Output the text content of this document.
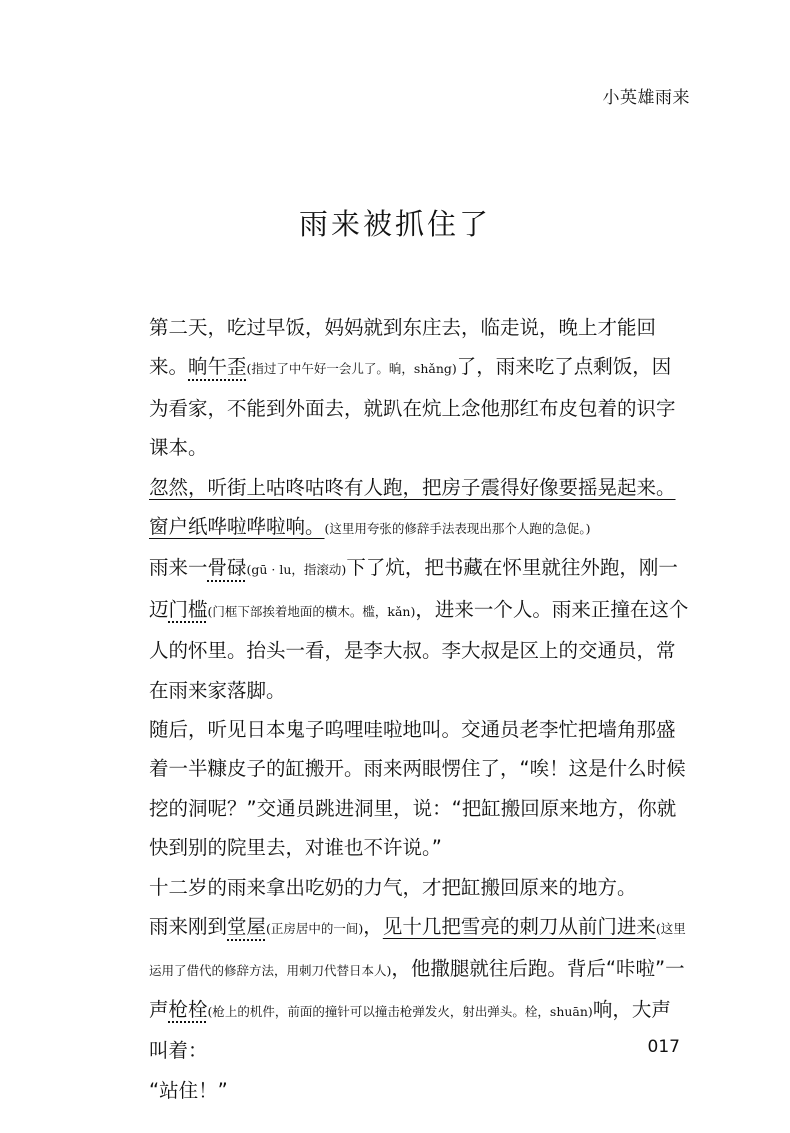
小英雄雨来
雨来被抓住了

第二天，吃过早饭，妈妈就到东庄去，临走说，晚上才能回来。晌午歪(指过了中午好一会儿了。晌，shǎng)了，雨来吃了点剩饭，因为看家，不能到外面去，就趴在炕上念他那红布皮包着的识字课本。

忽然，听街上咕咚咕咚有人跑，把房子震得好像要摇晃起来。窗户纸哗啦哗啦响。(这里用夸张的修辞手法表现出那个人跑的急促。)

雨来一骨碌(gū · lu，指滚动)下了炕，把书藏在怀里就往外跑，刚一迈门槛(门框下部挨着地面的横木。槛，kǎn)，进来一个人。雨来正撞在这个人的怀里。抬头一看，是李大叔。李大叔是区上的交通员，常在雨来家落脚。

随后，听见日本鬼子呜哩哇啦地叫。交通员老李忙把墙角那盛着一半糠皮子的缸搬开。雨来两眼愣住了，“唉！这是什么时候挖的洞呢？”交通员跳进洞里，说：“把缸搬回原来地方，你就快到别的院里去，对谁也不许说。”

十二岁的雨来拿出吃奶的力气，才把缸搬回原来的地方。

雨来刚到堂屋(正房居中的一间)，见十几把雪亮的刺刀从前门进来(这里运用了借代的修辞方法，用刺刀代替日本人)，他撒腿就往后跑。背后“咔啦”一声枪栓(枪上的机件，前面的撞针可以撞击枪弹发火，射出弹头。栓，shuān)响，大声叫着：

“站住！”

017
